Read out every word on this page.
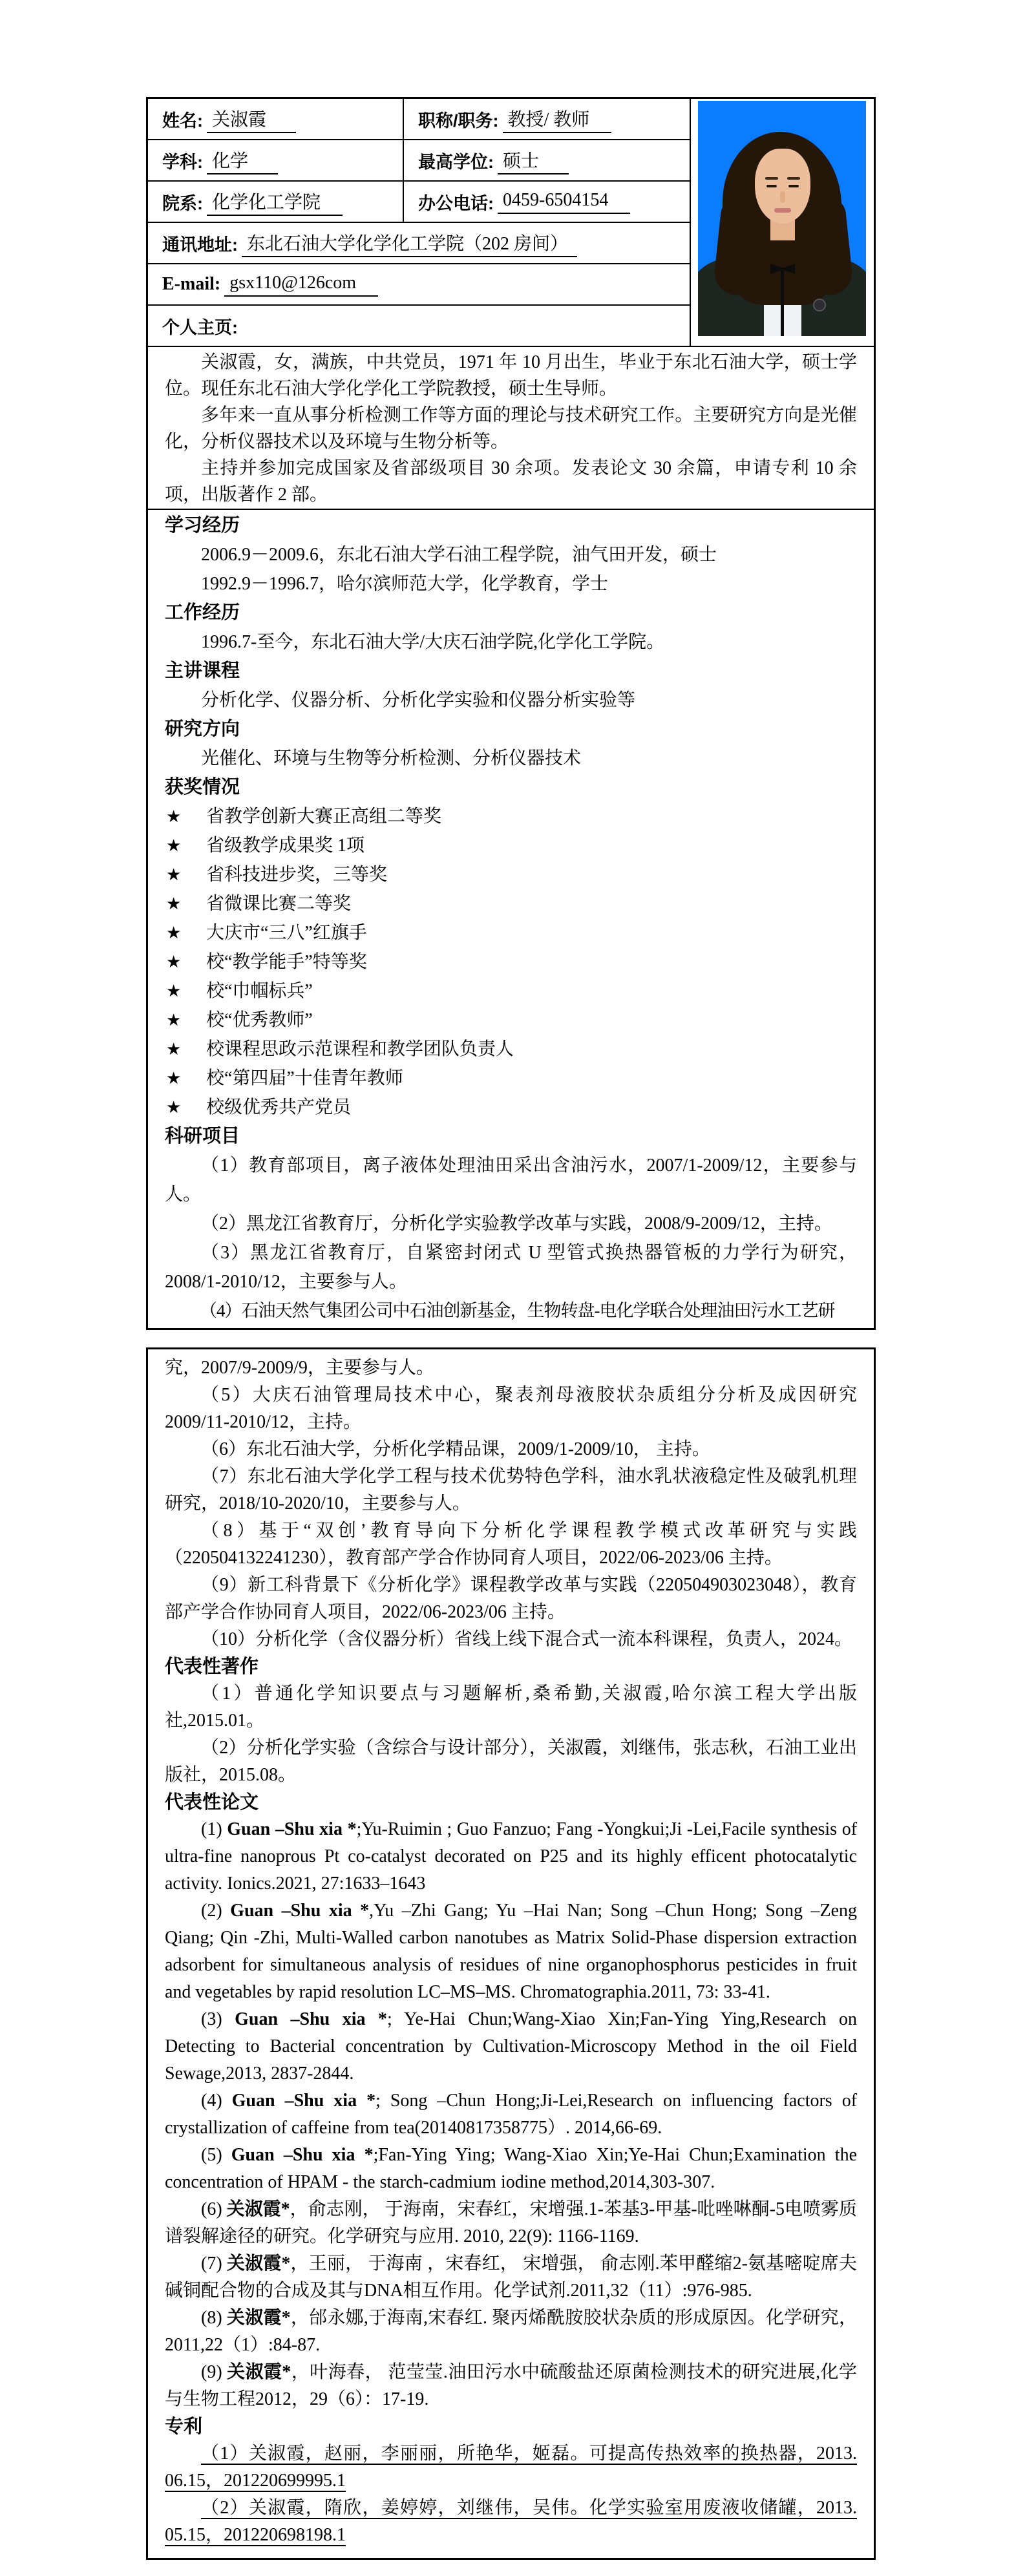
姓名: 关淑霞	职称/职务: 教授/ 教师
学科: 化学	最高学位: 硕士
院系: 化学化工学院	办公电话: 0459-6504154
通讯地址: 东北石油大学化学化工学院（202 房间）
E-mail: gsx110@126com
个人主页:

关淑霞，女，满族，中共党员，1971 年 10 月出生，毕业于东北石油大学，硕士学位。现任东北石油大学化学化工学院教授，硕士生导师。

多年来一直从事分析检测工作等方面的理论与技术研究工作。主要研究方向是光催化，分析仪器技术以及环境与生物分析等。

主持并参加完成国家及省部级项目 30 余项。发表论文 30 余篇，申请专利 10 余项，出版著作 2 部。

学习经历

2006.9－2009.6，东北石油大学石油工程学院，油气田开发，硕士

1992.9－1996.7，哈尔滨师范大学，化学教育，学士

工作经历

1996.7-至今，东北石油大学/大庆石油学院,化学化工学院。

主讲课程

分析化学、仪器分析、分析化学实验和仪器分析实验等

研究方向

光催化、环境与生物等分析检测、分析仪器技术

获奖情况
★	省教学创新大赛正高组二等奖
★	省级教学成果奖 1项
★	省科技进步奖，三等奖
★	省微课比赛二等奖
★	大庆市“三八”红旗手
★	校“教学能手”特等奖
★	校“巾帼标兵”
★	校“优秀教师”
★	校课程思政示范课程和教学团队负责人
★	校“第四届”十佳青年教师
★	校级优秀共产党员
科研项目

（1）教育部项目，离子液体处理油田采出含油污水，2007/1-2009/12，主要参与人。

（2）黑龙江省教育厅，分析化学实验教学改革与实践，2008/9-2009/12，主持。

（3）黑龙江省教育厅，自紧密封闭式 U 型管式换热器管板的力学行为研究，2008/1-2010/12，主要参与人。

（4）石油天然气集团公司中石油创新基金，生物转盘-电化学联合处理油田污水工艺研

究，2007/9-2009/9，主要参与人。

（5）大庆石油管理局技术中心，聚表剂母液胶状杂质组分分析及成因研究 2009/11-2010/12，主持。

（6）东北石油大学，分析化学精品课，2009/1-2009/10， 主持。

（7）东北石油大学化学工程与技术优势特色学科，油水乳状液稳定性及破乳机理研究，2018/10-2020/10，主要参与人。

（8）基于“双创’教育导向下分析化学课程教学模式改革研究与实践（220504132241230），教育部产学合作协同育人项目，2022/06-2023/06 主持。

（9）新工科背景下《分析化学》课程教学改革与实践（220504903023048），教育部产学合作协同育人项目，2022/06-2023/06 主持。

（10）分析化学（含仪器分析）省线上线下混合式一流本科课程，负责人，2024。

代表性著作

（1）普通化学知识要点与习题解析,桑希勤,关淑霞,哈尔滨工程大学出版社,2015.01。

（2）分析化学实验（含综合与设计部分），关淑霞，刘继伟，张志秋，石油工业出版社，2015.08。

代表性论文

(1) Guan –Shu xia *;Yu-Ruimin ; Guo Fanzuo; Fang -Yongkui;Ji -Lei,Facile synthesis of ultra-fine nanoprous Pt co-catalyst decorated on P25 and its highly efficent photocatalytic activity. Ionics.2021, 27:1633–1643

(2) Guan –Shu xia *,Yu –Zhi Gang; Yu –Hai Nan; Song –Chun Hong; Song –Zeng Qiang; Qin -Zhi, Multi-Walled carbon nanotubes as Matrix Solid-Phase dispersion extraction adsorbent for simultaneous analysis of residues of nine organophosphorus pesticides in fruit and vegetables by rapid resolution LC–MS–MS. Chromatographia.2011, 73: 33-41.

(3) Guan –Shu xia *; Ye-Hai Chun;Wang-Xiao Xin;Fan-Ying Ying,Research on Detecting to Bacterial concentration by Cultivation-Microscopy Method in the oil Field Sewage,2013, 2837-2844.

(4) Guan –Shu xia *; Song –Chun Hong;Ji-Lei,Research on influencing factors of crystallization of caffeine from tea(20140817358775）. 2014,66-69.

(5) Guan –Shu xia *;Fan-Ying Ying; Wang-Xiao Xin;Ye-Hai Chun;Examination the concentration of HPAM - the starch-cadmium iodine method,2014,303-307.

(6) 关淑霞*，俞志刚， 于海南，宋春红，宋增强.1-苯基3-甲基-吡唑啉酮-5电喷雾质谱裂解途径的研究。化学研究与应用. 2010, 22(9): 1166-1169.

(7) 关淑霞*，王丽， 于海南 ，宋春红， 宋增强， 俞志刚.苯甲醛缩2-氨基嘧啶席夫碱铜配合物的合成及其与DNA相互作用。化学试剂.2011,32（11）:976-985.

(8) 关淑霞*，邰永娜,于海南,宋春红. 聚丙烯酰胺胶状杂质的形成原因。化学研究，2011,22（1）:84-87.

(9) 关淑霞*，叶海春， 范莹莹.油田污水中硫酸盐还原菌检测技术的研究进展,化学与生物工程2012，29（6）：17-19.

专利

（1）关淑霞，赵丽，李丽丽，所艳华，姬磊。可提高传热效率的换热器，2013. 06.15，201220699995.1

（2）关淑霞，隋欣，姜婷婷，刘继伟，吴伟。化学实验室用废液收储罐，2013. 05.15，201220698198.1
